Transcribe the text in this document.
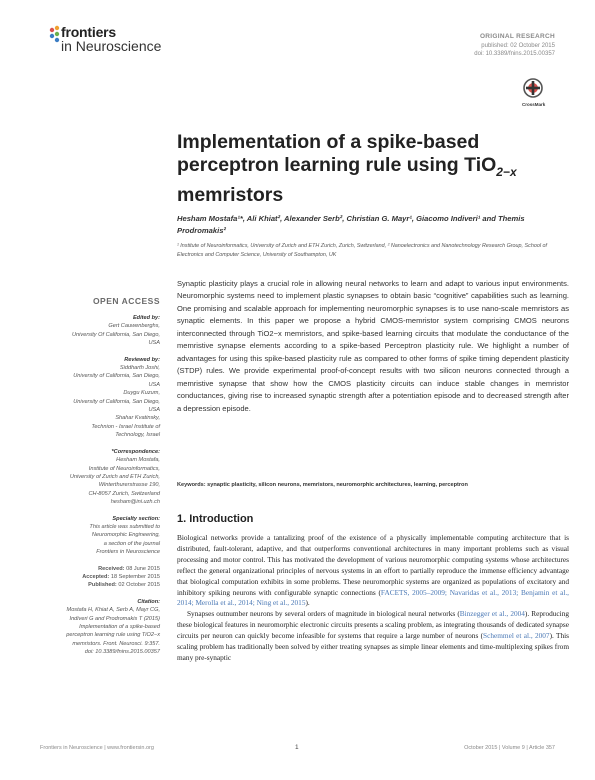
frontiers
in Neuroscience
ORIGINAL RESEARCH
published: 02 October 2015
doi: 10.3389/fnins.2015.00357
CrossMark
Implementation of a spike-based perceptron learning rule using TiO$_{2-x}$ memristors
Hesham Mostafa¹*, Ali Khiat², Alexander Serb², Christian G. Mayr¹, Giacomo Indiveri¹ and Themis Prodromakis²
¹ Institute of Neuroinformatics, University of Zurich and ETH Zurich, Zurich, Switzerland, ² Nanoelectronics and Nanotechnology Research Group, School of Electronics and Computer Science, University of Southampton, UK

Synaptic plasticity plays a crucial role in allowing neural networks to learn and adapt to various input environments. Neuromorphic systems need to implement plastic synapses to obtain basic “cognitive” capabilities such as learning. One promising and scalable approach for implementing neuromorphic synapses is to use nano-scale memristors as synaptic elements. In this paper we propose a hybrid CMOS-memristor system comprising CMOS neurons interconnected through TiO2−x memristors, and spike-based learning circuits that modulate the conductance of the memristive synapse elements according to a spike-based Perceptron plasticity rule. We highlight a number of advantages for using this spike-based plasticity rule as compared to other forms of spike timing dependent plasticity (STDP) rules. We provide experimental proof-of-concept results with two silicon neurons connected through a memristive synapse that show how the CMOS plasticity circuits can induce stable changes in memristor conductances, giving rise to increased synaptic strength after a potentiation episode and to decreased strength after a depression episode.

Keywords: synaptic plasticity, silicon neurons, memristors, neuromorphic architectures, learning, perceptron
1. Introduction

Biological networks provide a tantalizing proof of the existence of a physically implementable computing architecture that is distributed, fault-tolerant, adaptive, and that outperforms conventional architectures in many important problems such as visual processing and motor control. This has motivated the development of various neuromorphic computing systems whose architectures reflect the general organizational principles of nervous systems in an effort to partially reproduce the immense efficiency advantage that biological computation exhibits in some problems. These neuromorphic systems are organized as populations of excitatory and inhibitory spiking neurons with configurable synaptic connections (FACETS, 2005–2009; Navaridas et al., 2013; Benjamin et al., 2014; Merolla et al., 2014; Ning et al., 2015).

Synapses outnumber neurons by several orders of magnitude in biological neural networks (Binzegger et al., 2004). Reproducing these biological features in neuromorphic electronic circuits presents a scaling problem, as integrating thousands of dedicated synapse circuits per neuron can quickly become infeasible for systems that require a large number of neurons (Schemmel et al., 2007). This scaling problem has traditionally been solved by either treating synapses as simple linear elements and time-multiplexing spikes from many pre-synaptic

OPEN ACCESS
Edited by:
Gert Cauwenberghs,
University Of California, San Diego,
USA
Reviewed by:
Siddharth Joshi,
University of California, San Diego,
USA
Duygu Kuzum,
University of California, San Diego,
USA
Shahar Kvatinsky,
Technion - Israel Institute of
Technology, Israel
*Correspondence:
Hesham Mostafa,
Institute of Neuroinformatics,
University of Zurich and ETH Zurich,
Winterthurerstrasse 190,
CH-8057 Zurich, Switzerland
hesham@ini.uzh.ch
Specialty section:
This article was submitted to
Neuromorphic Engineering,
a section of the journal
Frontiers in Neuroscience
Received: 08 June 2015
Accepted: 18 September 2015
Published: 02 October 2015
Citation:
Mostafa H, Khiat A, Serb A, Mayr CG,
Indiveri G and Prodromakis T (2015)
Implementation of a spike-based
perceptron learning rule using TiO2−x
memristors. Front. Neurosci. 9:357.
doi: 10.3389/fnins.2015.00357
Frontiers in Neuroscience | www.frontiersin.org	1	October 2015 | Volume 9 | Article 357
